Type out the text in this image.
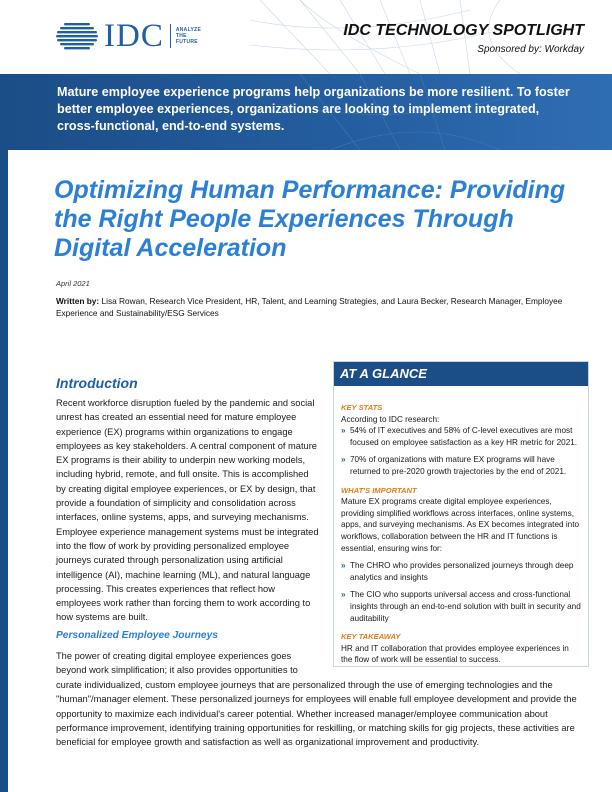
IDC ANALYZE
THE
FUTURE
IDC TECHNOLOGY SPOTLIGHT
Sponsored by: Workday
Mature employee experience programs help organizations be more resilient. To foster better employee experiences, organizations are looking to implement integrated, cross-functional, end-to-end systems.
Optimizing Human Performance: Providing the Right People Experiences Through Digital Acceleration
April 2021
Written by: Lisa Rowan, Research Vice President, HR, Talent, and Learning Strategies, and Laura Becker, Research Manager, Employee Experience and Sustainability/ESG Services
Introduction
Recent workforce disruption fueled by the pandemic and social unrest has created an essential need for mature employee experience (EX) programs within organizations to engage employees as key stakeholders. A central component of mature EX programs is their ability to underpin new working models, including hybrid, remote, and full onsite. This is accomplished by creating digital employee experiences, or EX by design, that provide a foundation of simplicity and consolidation across interfaces, online systems, apps, and surveying mechanisms. Employee experience management systems must be integrated into the flow of work by providing personalized employee journeys curated through personalization using artificial intelligence (AI), machine learning (ML), and natural language processing. This creates experiences that reflect how employees work rather than forcing them to work according to how systems are built.
Personalized Employee Journeys
The power of creating digital employee experiences goes beyond work simplification; it also provides opportunities to
curate individualized, custom employee journeys that are personalized through the use of emerging technologies and the "human"/manager element. These personalized journeys for employees will enable full employee development and provide the opportunity to maximize each individual's career potential. Whether increased manager/employee communication about performance improvement, identifying training opportunities for reskilling, or matching skills for gig projects, these activities are beneficial for employee growth and satisfaction as well as organizational improvement and productivity.
AT A GLANCE

KEY STATS

According to IDC research:

» 54% of IT executives and 58% of C-level executives are most focused on employee satisfaction as a key HR metric for 2021.
» 70% of organizations with mature EX programs will have returned to pre-2020 growth trajectories by the end of 2021.

WHAT'S IMPORTANT

Mature EX programs create digital employee experiences, providing simplified workflows across interfaces, online systems, apps, and surveying mechanisms. As EX becomes integrated into workflows, collaboration between the HR and IT functions is essential, ensuring wins for:

» The CHRO who provides personalized journeys through deep analytics and insights
» The CIO who supports universal access and cross-functional insights through an end-to-end solution with built in security and auditability

KEY TAKEAWAY

HR and IT collaboration that provides employee experiences in the flow of work will be essential to success.
